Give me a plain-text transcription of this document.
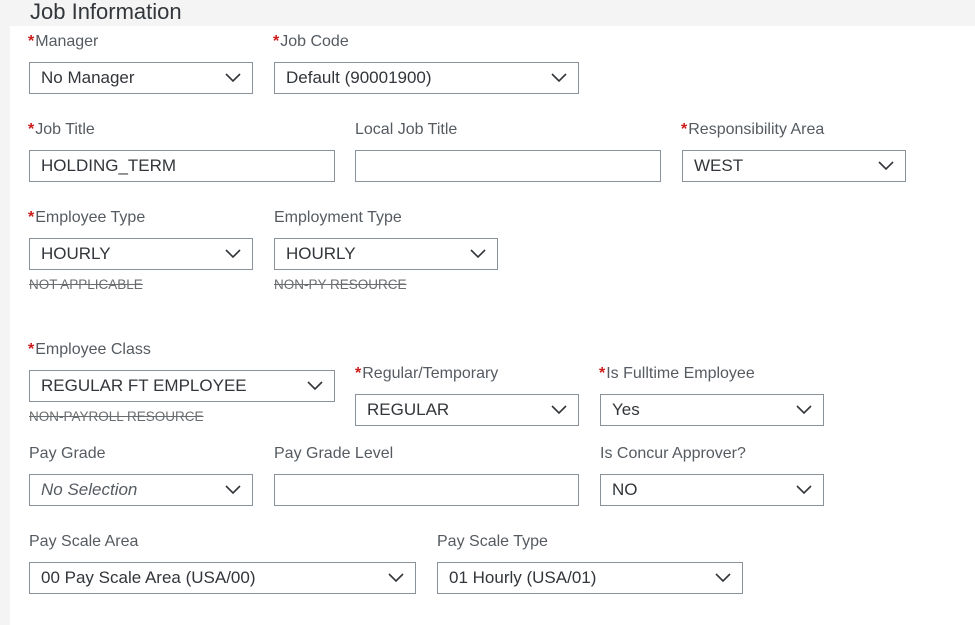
Job Information
*Manager
No Manager
*Job Code
Default (90001900)
*Job Title
HOLDING_TERM
Local Job Title	*Responsibility Area
WEST
*Employee Type
HOURLY
NOT APPLICABLE
Employment Type
HOURLY
NON-PY RESOURCE
*Employee Class
REGULAR FT EMPLOYEE
NON-PAYROLL RESOURCE
*Regular/Temporary
REGULAR
*Is Fulltime Employee
Yes
Pay Grade
No Selection
Pay Grade Level	Is Concur Approver?
NO
Pay Scale Area
00 Pay Scale Area (USA/00)
Pay Scale Type
01 Hourly (USA/01)
